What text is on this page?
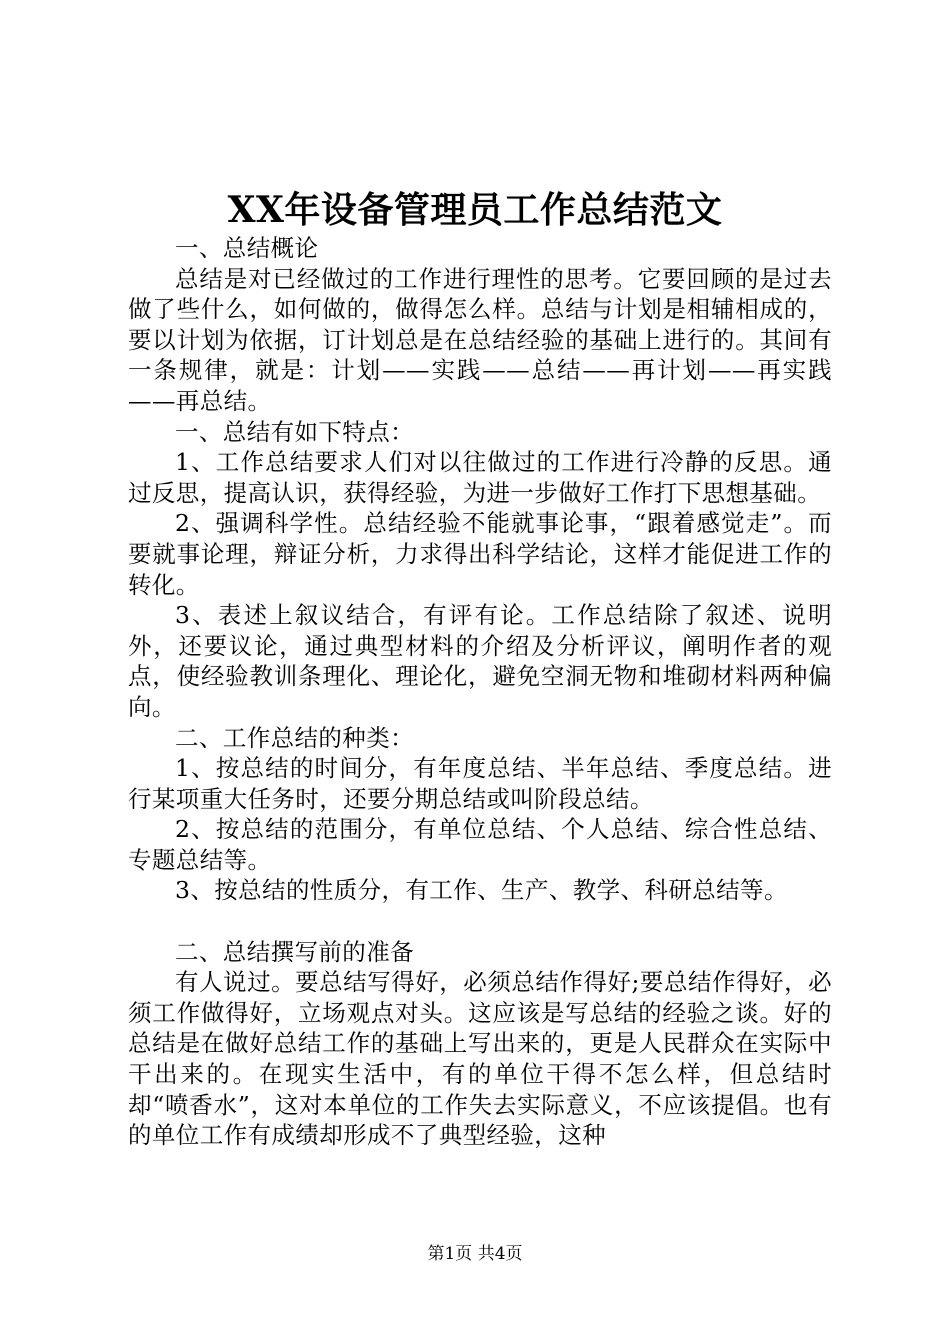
XX年设备管理员工作总结范文

一、总结概论

总结是对已经做过的工作进行理性的思考。它要回顾的是过去做了些什么，如何做的，做得怎么样。总结与计划是相辅相成的，要以计划为依据，订计划总是在总结经验的基础上进行的。其间有一条规律，就是：计划——实践——总结——再计划——再实践——再总结。

一、总结有如下特点：

1、工作总结要求人们对以往做过的工作进行冷静的反思。通过反思，提高认识，获得经验，为进一步做好工作打下思想基础。

2、强调科学性。总结经验不能就事论事，“跟着感觉走”。而要就事论理，辩证分析，力求得出科学结论，这样才能促进工作的转化。

3、表述上叙议结合，有评有论。工作总结除了叙述、说明外，还要议论，通过典型材料的介绍及分析评议，阐明作者的观点，使经验教训条理化、理论化，避免空洞无物和堆砌材料两种偏向。

二、工作总结的种类：

1、按总结的时间分，有年度总结、半年总结、季度总结。进行某项重大任务时，还要分期总结或叫阶段总结。

2、按总结的范围分，有单位总结、个人总结、综合性总结、专题总结等。

3、按总结的性质分，有工作、生产、教学、科研总结等。

二、总结撰写前的准备

有人说过。要总结写得好，必须总结作得好;要总结作得好，必须工作做得好，立场观点对头。这应该是写总结的经验之谈。好的总结是在做好总结工作的基础上写出来的，更是人民群众在实际中干出来的。在现实生活中，有的单位干得不怎么样，但总结时却“喷香水”，这对本单位的工作失去实际意义，不应该提倡。也有的单位工作有成绩却形成不了典型经验，这种

第1页 共4页
